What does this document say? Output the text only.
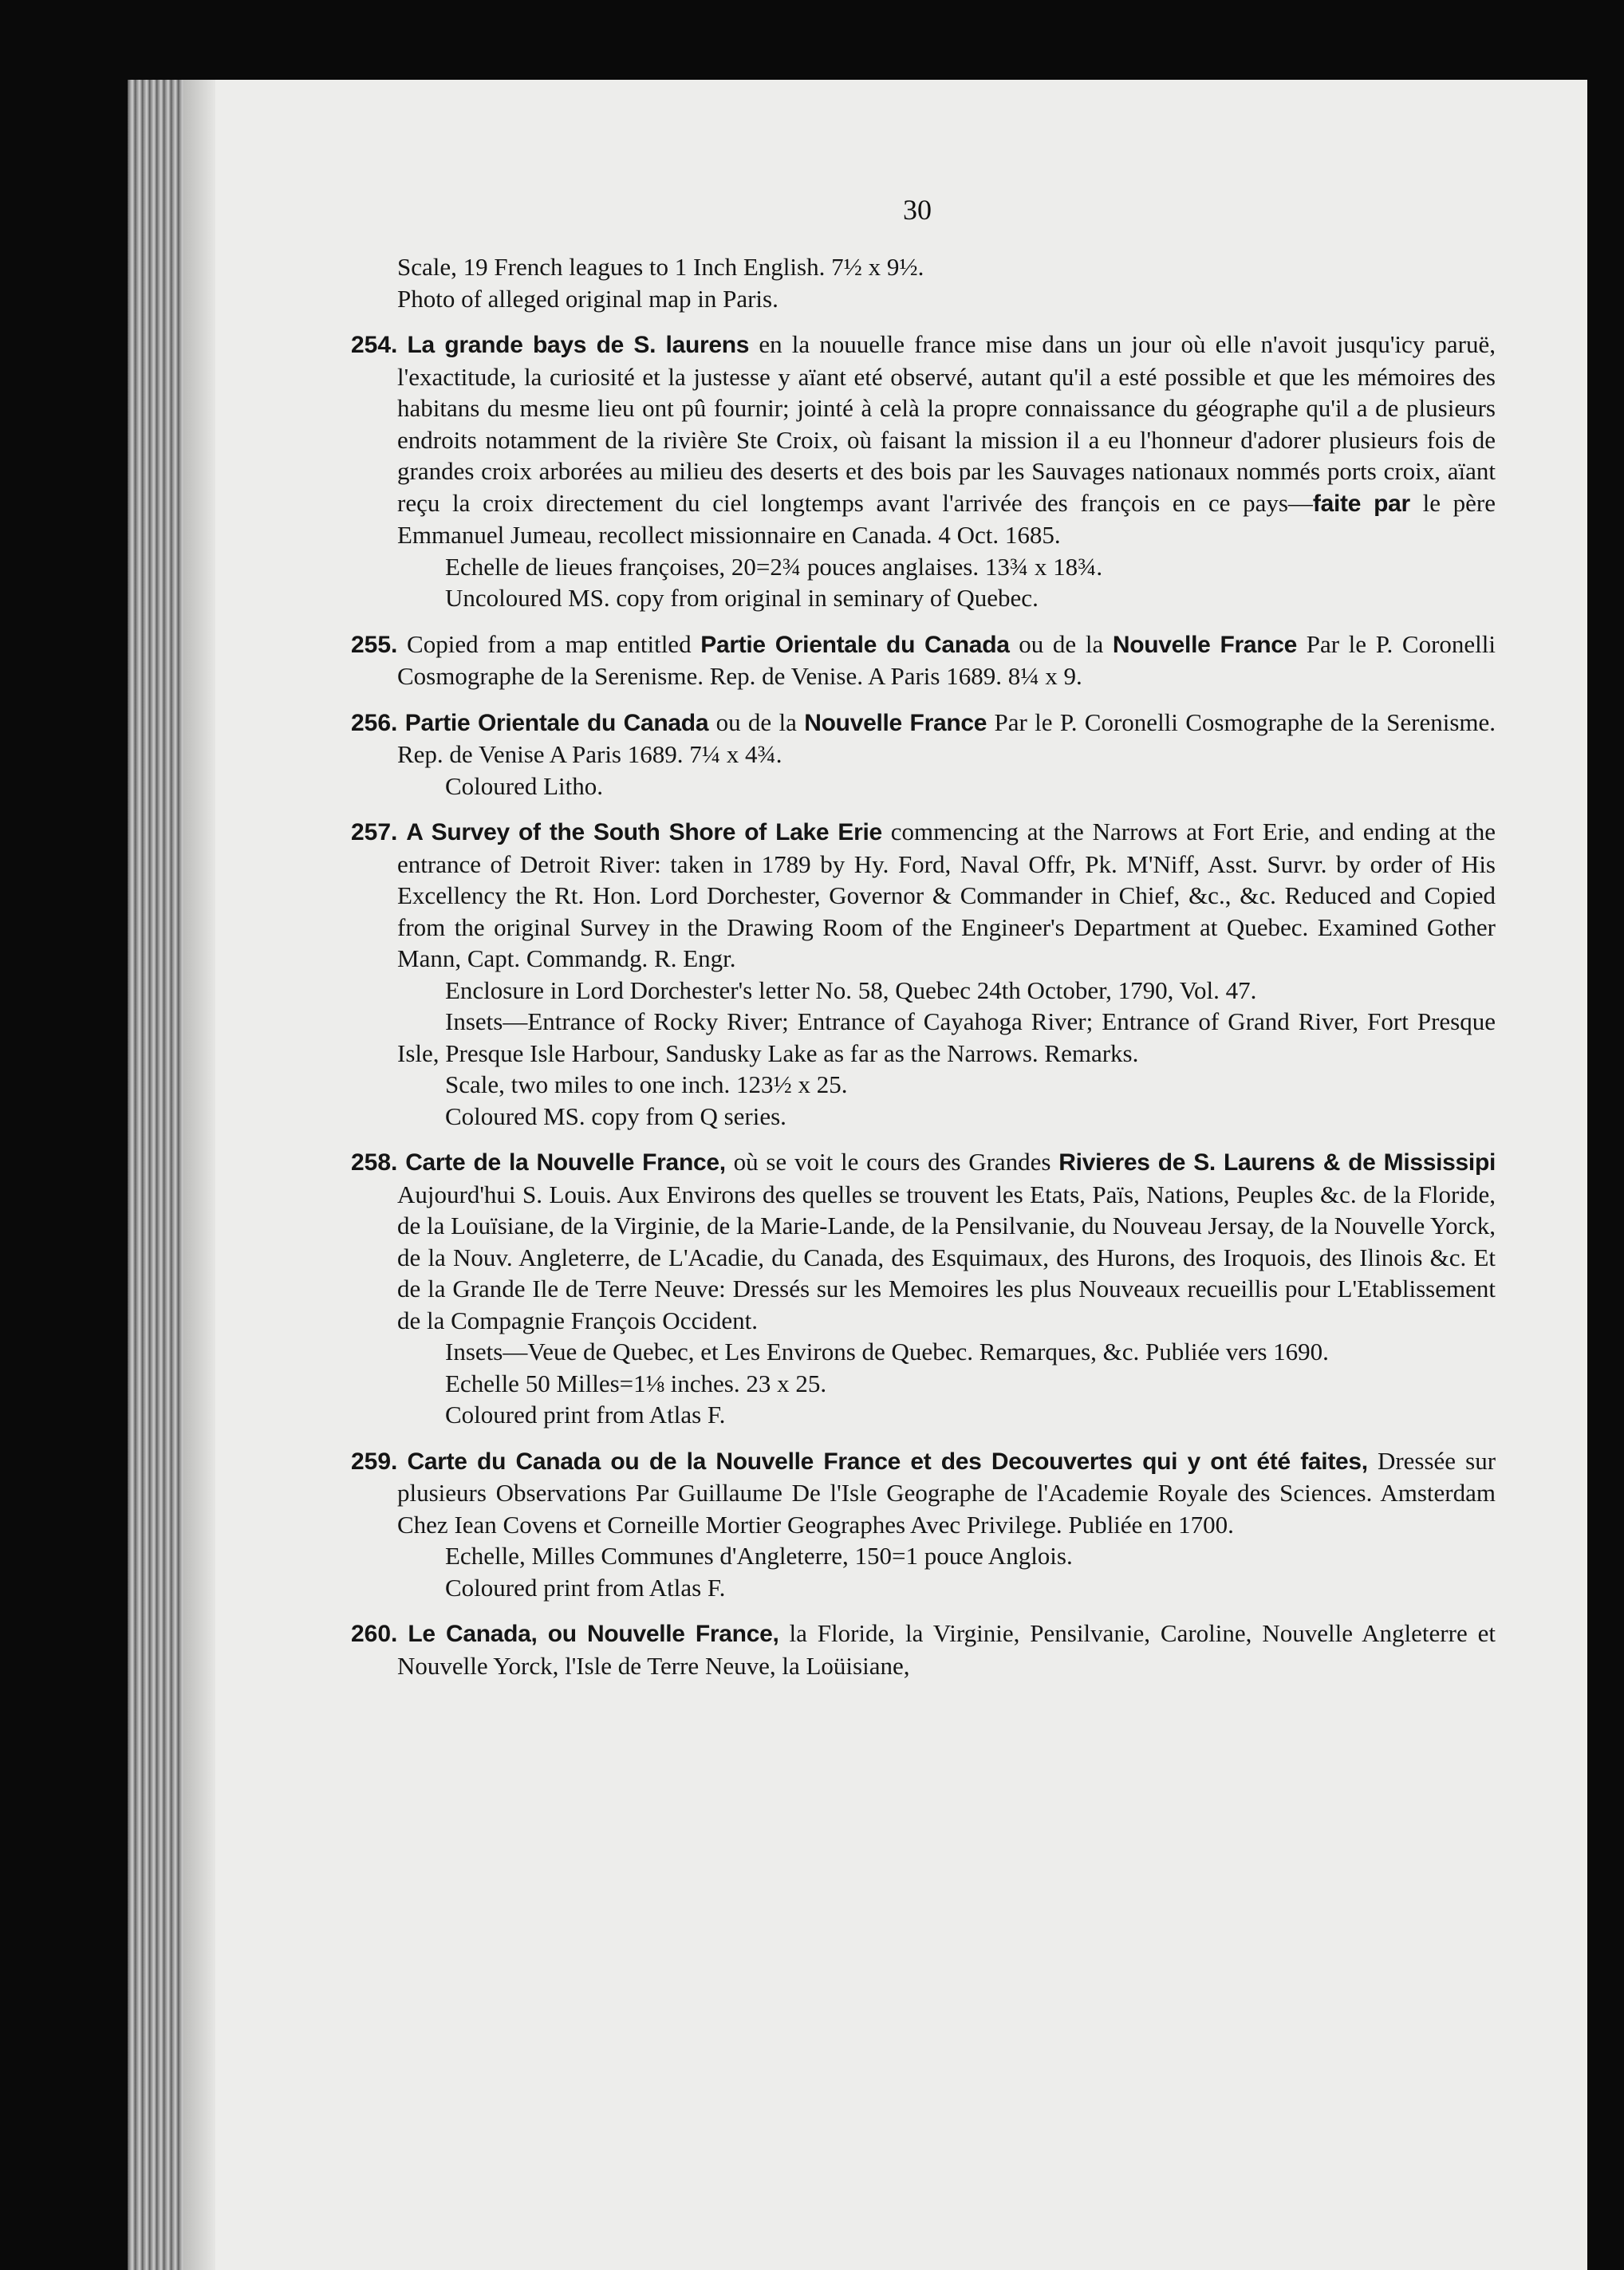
30

Scale, 19 French leagues to 1 Inch English. 7½ x 9½.

Photo of alleged original map in Paris.

254. La grande bays de S. laurens en la nouuelle france mise dans un jour où elle n'avoit jusqu'icy paruë, l'exactitude, la curiosité et la justesse y aïant eté observé, autant qu'il a esté possible et que les mémoires des habitans du mesme lieu ont pû fournir; jointé à celà la propre connaissance du géographe qu'il a de plusieurs endroits notamment de la rivière Ste Croix, où faisant la mission il a eu l'honneur d'adorer plusieurs fois de grandes croix arborées au milieu des deserts et des bois par les Sauvages nationaux nommés ports croix, aïant reçu la croix directement du ciel longtemps avant l'arrivée des françois en ce pays—faite par le père Emmanuel Jumeau, recollect missionnaire en Canada. 4 Oct. 1685.

Echelle de lieues françoises, 20=2¾ pouces anglaises. 13¾ x 18¾.

Uncoloured MS. copy from original in seminary of Quebec.

255. Copied from a map entitled Partie Orientale du Canada ou de la Nouvelle France Par le P. Coronelli Cosmographe de la Serenisme. Rep. de Venise. A Paris 1689. 8¼ x 9.

256. Partie Orientale du Canada ou de la Nouvelle France Par le P. Coronelli Cosmographe de la Serenisme. Rep. de Venise A Paris 1689. 7¼ x 4¾.

Coloured Litho.

257. A Survey of the South Shore of Lake Erie commencing at the Narrows at Fort Erie, and ending at the entrance of Detroit River: taken in 1789 by Hy. Ford, Naval Offr, Pk. M'Niff, Asst. Survr. by order of His Excellency the Rt. Hon. Lord Dorchester, Governor & Commander in Chief, &c., &c. Reduced and Copied from the original Survey in the Drawing Room of the Engineer's Department at Quebec. Examined Gother Mann, Capt. Commandg. R. Engr.

Enclosure in Lord Dorchester's letter No. 58, Quebec 24th October, 1790, Vol. 47.

Insets—Entrance of Rocky River; Entrance of Cayahoga River; Entrance of Grand River, Fort Presque Isle, Presque Isle Harbour, Sandusky Lake as far as the Narrows. Remarks.

Scale, two miles to one inch. 123½ x 25.

Coloured MS. copy from Q series.

258. Carte de la Nouvelle France, où se voit le cours des Grandes Rivieres de S. Laurens & de Mississipi Aujourd'hui S. Louis. Aux Environs des quelles se trouvent les Etats, Païs, Nations, Peuples &c. de la Floride, de la Louïsiane, de la Virginie, de la Marie-Lande, de la Pensilvanie, du Nouveau Jersay, de la Nouvelle Yorck, de la Nouv. Angleterre, de L'Acadie, du Canada, des Esquimaux, des Hurons, des Iroquois, des Ilinois &c. Et de la Grande Ile de Terre Neuve: Dressés sur les Memoires les plus Nouveaux recueillis pour L'Etablissement de la Compagnie François Occident.

Insets—Veue de Quebec, et Les Environs de Quebec. Remarques, &c. Publiée vers 1690.

Echelle 50 Milles=1⅛ inches. 23 x 25.

Coloured print from Atlas F.

259. Carte du Canada ou de la Nouvelle France et des Decouvertes qui y ont été faites, Dressée sur plusieurs Observations Par Guillaume De l'Isle Geographe de l'Academie Royale des Sciences. Amsterdam Chez Iean Covens et Corneille Mortier Geographes Avec Privilege. Publiée en 1700.

Echelle, Milles Communes d'Angleterre, 150=1 pouce Anglois.

Coloured print from Atlas F.

260. Le Canada, ou Nouvelle France, la Floride, la Virginie, Pensilvanie, Caroline, Nouvelle Angleterre et Nouvelle Yorck, l'Isle de Terre Neuve, la Loüisiane,
